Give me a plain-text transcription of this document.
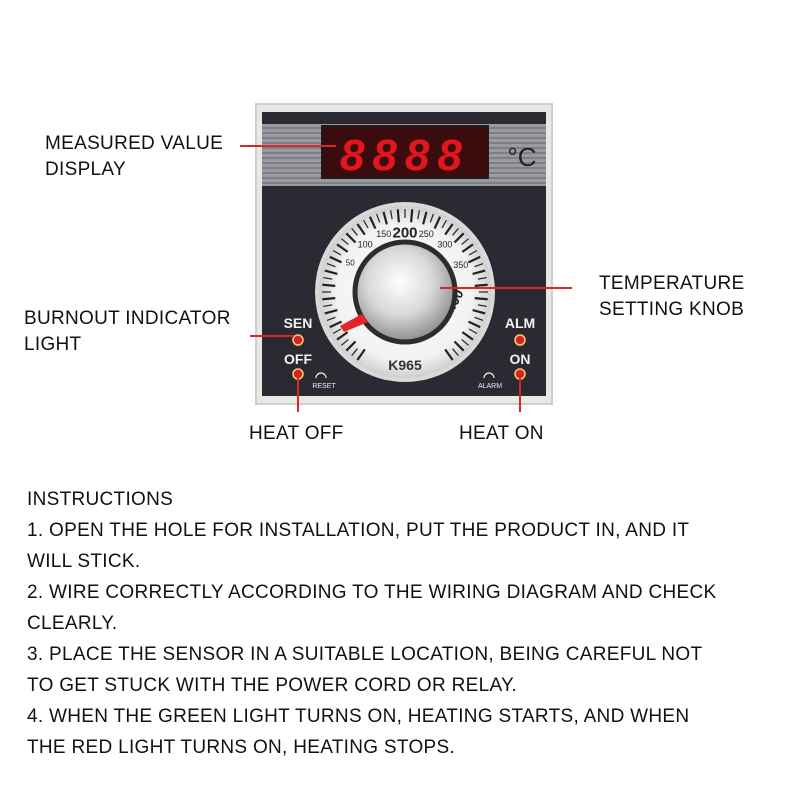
8888 °C
50
100
150 200 250
300
350
K965
SEN	ALM
OFF	ON
RESET	ALARM
MEASURED VALUE
DISPLAY
TEMPERATURE
SETTING KNOB
BURNOUT INDICATOR
LIGHT
HEAT OFF	HEAT ON
INSTRUCTIONS
1. OPEN THE HOLE FOR INSTALLATION, PUT THE PRODUCT IN, AND IT
WILL STICK.
2. WIRE CORRECTLY ACCORDING TO THE WIRING DIAGRAM AND CHECK
CLEARLY.
3. PLACE THE SENSOR IN A SUITABLE LOCATION, BEING CAREFUL NOT
TO GET STUCK WITH THE POWER CORD OR RELAY.
4. WHEN THE GREEN LIGHT TURNS ON, HEATING STARTS, AND WHEN
THE RED LIGHT TURNS ON, HEATING STOPS.
